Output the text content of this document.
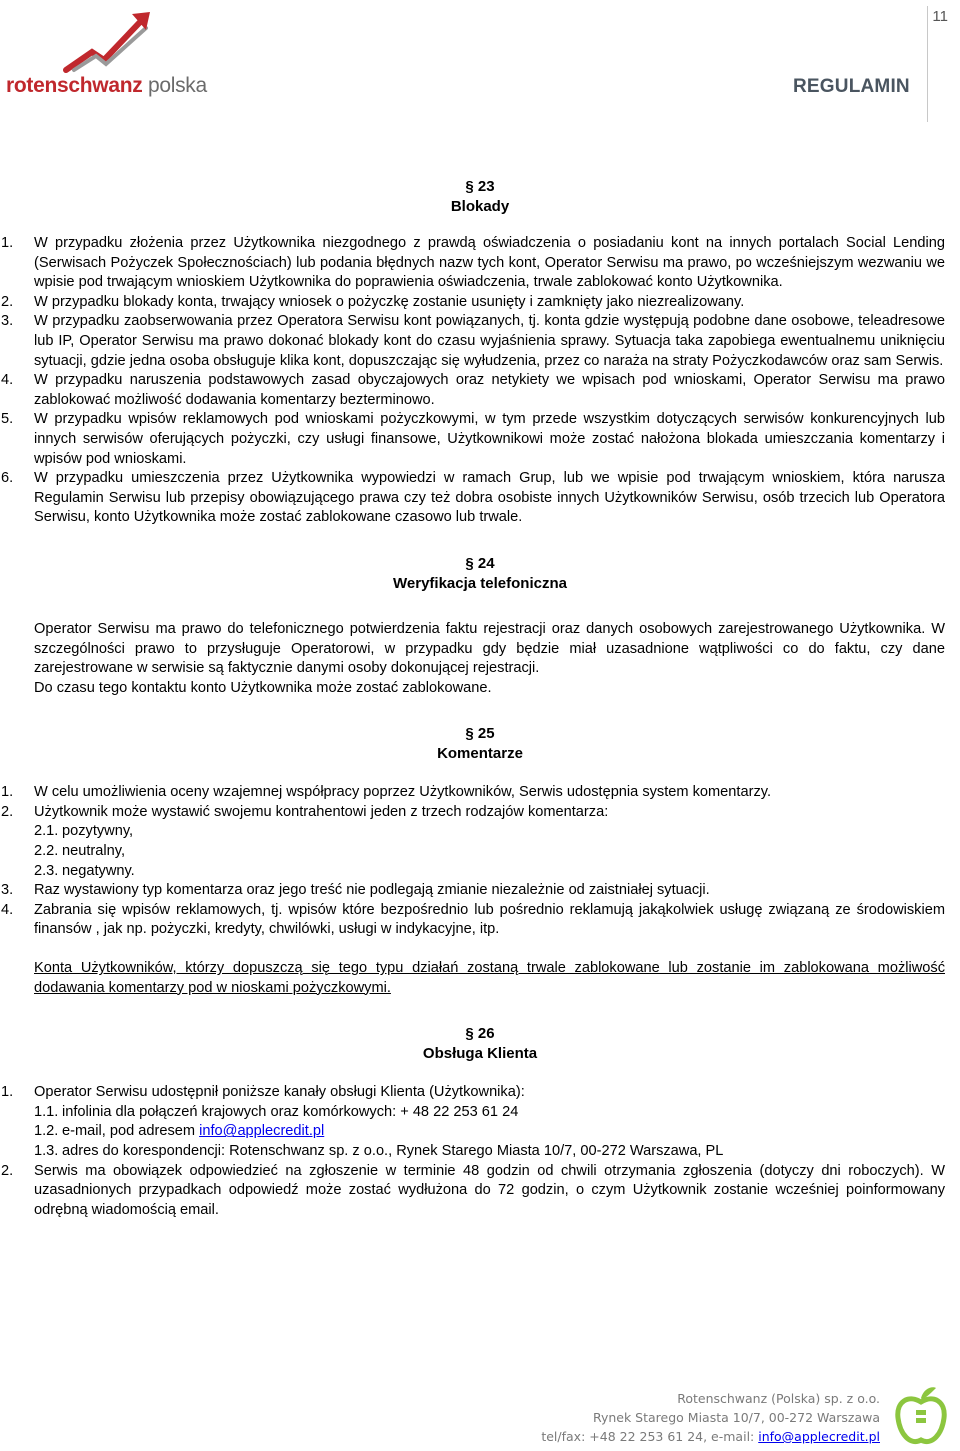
11
rotenschwanz polska	REGULAMIN
§ 23
Blokady
1. W przypadku złożenia przez Użytkownika niezgodnego z prawdą oświadczenia o posiadaniu kont na innych portalach Social Lending (Serwisach Pożyczek Społecznościach) lub podania błędnych nazw tych kont, Operator Serwisu ma prawo, po wcześniejszym wezwaniu we wpisie pod trwającym wnioskiem Użytkownika do poprawienia oświadczenia, trwale zablokować konto Użytkownika.
2. W przypadku blokady konta, trwający wniosek o pożyczkę zostanie usunięty i zamknięty jako niezrealizowany.
3. W przypadku zaobserwowania przez Operatora Serwisu kont powiązanych, tj. konta gdzie występują podobne dane osobowe, teleadresowe lub IP, Operator Serwisu ma prawo dokonać blokady kont do czasu wyjaśnienia sprawy. Sytuacja taka zapobiega ewentualnemu uniknięciu sytuacji, gdzie jedna osoba obsługuje klika kont, dopuszczając się wyłudzenia, przez co naraża na straty Pożyczkodawców oraz sam Serwis.
4. W przypadku naruszenia podstawowych zasad obyczajowych oraz netykiety we wpisach pod wnioskami, Operator Serwisu ma prawo zablokować możliwość dodawania komentarzy bezterminowo.
5. W przypadku wpisów reklamowych pod wnioskami pożyczkowymi, w tym przede wszystkim dotyczących serwisów konkurencyjnych lub innych serwisów oferujących pożyczki, czy usługi finansowe, Użytkownikowi może zostać nałożona blokada umieszczania komentarzy i wpisów pod wnioskami.
6. W przypadku umieszczenia przez Użytkownika wypowiedzi w ramach Grup, lub we wpisie pod trwającym wnioskiem, która narusza Regulamin Serwisu lub przepisy obowiązującego prawa czy też dobra osobiste innych Użytkowników Serwisu, osób trzecich lub Operatora Serwisu, konto Użytkownika może zostać zablokowane czasowo lub trwale.
§ 24
Weryfikacja telefoniczna
Operator Serwisu ma prawo do telefonicznego potwierdzenia faktu rejestracji oraz danych osobowych zarejestrowanego Użytkownika. W szczególności prawo to przysługuje Operatorowi, w przypadku gdy będzie miał uzasadnione wątpliwości co do faktu, czy dane zarejestrowane w serwisie są faktycznie danymi osoby dokonującej rejestracji.
Do czasu tego kontaktu konto Użytkownika może zostać zablokowane.
§ 25
Komentarze
1. W celu umożliwienia oceny wzajemnej współpracy poprzez Użytkowników, Serwis udostępnia system komentarzy.
2. Użytkownik może wystawić swojemu kontrahentowi jeden z trzech rodzajów komentarza:
2.1. pozytywny,
2.2. neutralny,
2.3. negatywny.
3. Raz wystawiony typ komentarza oraz jego treść nie podlegają zmianie niezależnie od zaistniałej sytuacji.
4. Zabrania się wpisów reklamowych, tj. wpisów które bezpośrednio lub pośrednio reklamują jakąkolwiek usługę związaną ze środowiskiem finansów , jak np. pożyczki, kredyty, chwilówki, usługi w indykacyjne, itp.
Konta Użytkowników, którzy dopuszczą się tego typu działań zostaną trwale zablokowane lub zostanie im zablokowana możliwość dodawania komentarzy pod w nioskami pożyczkowymi.
§ 26
Obsługa Klienta
1. Operator Serwisu udostępnił poniższe kanały obsługi Klienta (Użytkownika):
1.1. infolinia dla połączeń krajowych oraz komórkowych: + 48 22 253 61 24
1.2. e-mail, pod adresem info@applecredit.pl
1.3. adres do korespondencji: Rotenschwanz sp. z o.o., Rynek Starego Miasta 10/7, 00-272 Warszawa, PL
2. Serwis ma obowiązek odpowiedzieć na zgłoszenie w terminie 48 godzin od chwili otrzymania zgłoszenia (dotyczy dni roboczych). W uzasadnionych przypadkach odpowiedź może zostać wydłużona do 72 godzin, o czym Użytkownik zostanie wcześniej poinformowany odrębną wiadomością email.
Rotenschwanz (Polska) sp. z o.o.
Rynek Starego Miasta 10/7, 00-272 Warszawa
tel/fax: +48 22 253 61 24, e-mail: info@applecredit.pl
